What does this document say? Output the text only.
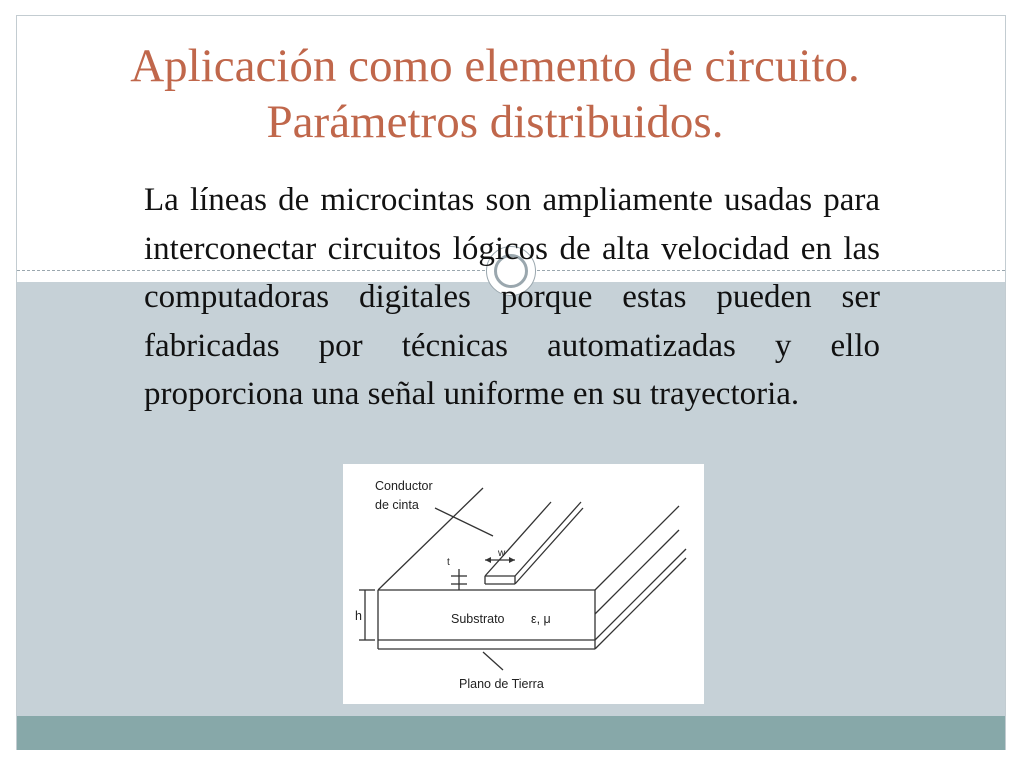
Aplicación como elemento de circuito. Parámetros distribuidos.

La líneas de microcintas son ampliamente usadas para interconectar circuitos lógicos de alta velocidad en las computadoras digitales porque estas pueden ser fabricadas por técnicas automatizadas y ello proporciona una señal uniforme en su trayectoria.

Conductor
de cinta
w
t
h	Substrato ε, μ
Plano de Tierra
